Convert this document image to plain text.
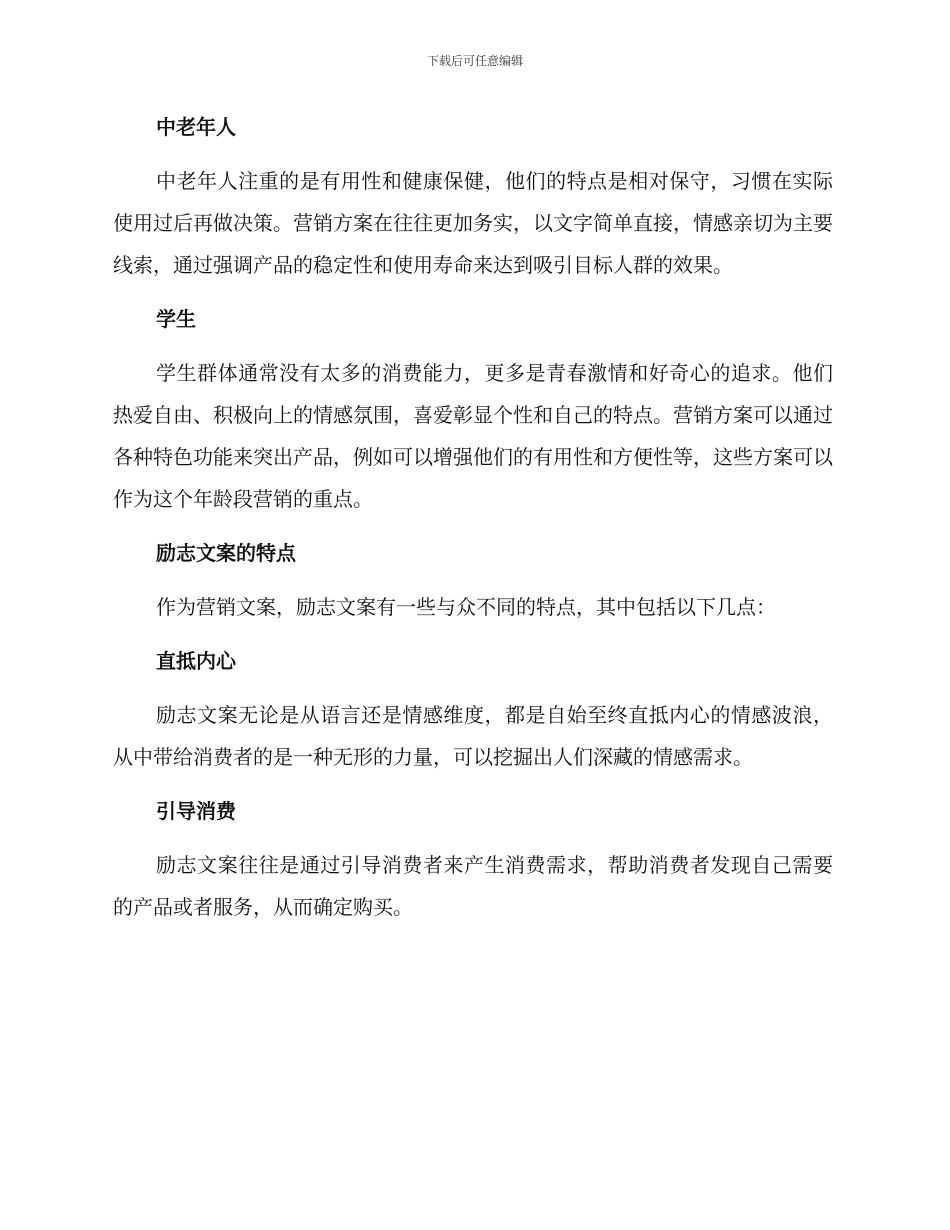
下载后可任意编辑
中老年人

中老年人注重的是有用性和健康保健，他们的特点是相对保守，习惯在实际使用过后再做决策。营销方案在往往更加务实，以文字简单直接，情感亲切为主要线索，通过强调产品的稳定性和使用寿命来达到吸引目标人群的效果。

学生

学生群体通常没有太多的消费能力，更多是青春激情和好奇心的追求。他们热爱自由、积极向上的情感氛围，喜爱彰显个性和自己的特点。营销方案可以通过各种特色功能来突出产品，例如可以增强他们的有用性和方便性等，这些方案可以作为这个年龄段营销的重点。

励志文案的特点

作为营销文案，励志文案有一些与众不同的特点，其中包括以下几点：

直抵内心

励志文案无论是从语言还是情感维度，都是自始至终直抵内心的情感波浪，从中带给消费者的是一种无形的力量，可以挖掘出人们深藏的情感需求。

引导消费

励志文案往往是通过引导消费者来产生消费需求，帮助消费者发现自己需要的产品或者服务，从而确定购买。
